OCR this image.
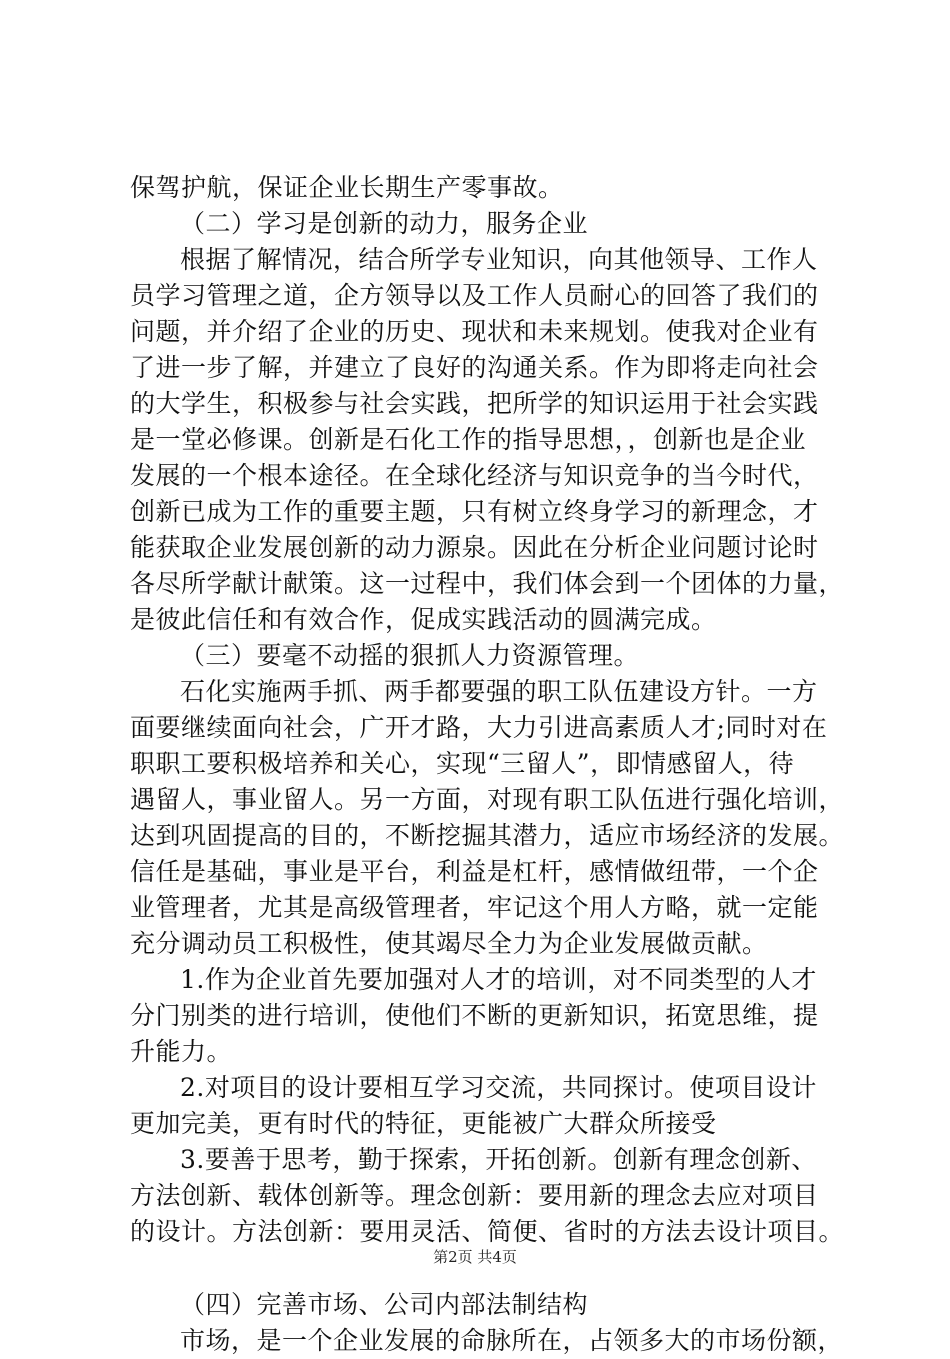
保驾护航，保证企业长期生产零事故。
（二）学习是创新的动力，服务企业
根据了解情况，结合所学专业知识，向其他领导、工作人
员学习管理之道，企方领导以及工作人员耐心的回答了我们的
问题，并介绍了企业的历史、现状和未来规划。使我对企业有
了进一步了解，并建立了良好的沟通关系。作为即将走向社会
的大学生，积极参与社会实践，把所学的知识运用于社会实践
是一堂必修课。创新是石化工作的指导思想，，创新也是企业
发展的一个根本途径。在全球化经济与知识竞争的当今时代，
创新已成为工作的重要主题，只有树立终身学习的新理念，才
能获取企业发展创新的动力源泉。因此在分析企业问题讨论时
各尽所学献计献策。这一过程中，我们体会到一个团体的力量，
是彼此信任和有效合作，促成实践活动的圆满完成。
（三）要毫不动摇的狠抓人力资源管理。
石化实施两手抓、两手都要强的职工队伍建设方针。一方
面要继续面向社会，广开才路，大力引进高素质人才;同时对在
职职工要积极培养和关心，实现“三留人”，即情感留人，待
遇留人，事业留人。另一方面，对现有职工队伍进行强化培训，
达到巩固提高的目的，不断挖掘其潜力，适应市场经济的发展。
信任是基础，事业是平台，利益是杠杆，感情做纽带，一个企
业管理者，尤其是高级管理者，牢记这个用人方略，就一定能
充分调动员工积极性，使其竭尽全力为企业发展做贡献。
1.作为企业首先要加强对人才的培训，对不同类型的人才
分门别类的进行培训，使他们不断的更新知识，拓宽思维，提
升能力。
2.对项目的设计要相互学习交流，共同探讨。使项目设计
更加完美，更有时代的特征，更能被广大群众所接受
3.要善于思考，勤于探索，开拓创新。创新有理念创新、
方法创新、载体创新等。理念创新：要用新的理念去应对项目
的设计。方法创新：要用灵活、简便、省时的方法去设计项目。
（四）完善市场、公司内部法制结构
市场，是一个企业发展的命脉所在，占领多大的市场份额，
第2页 共4页
